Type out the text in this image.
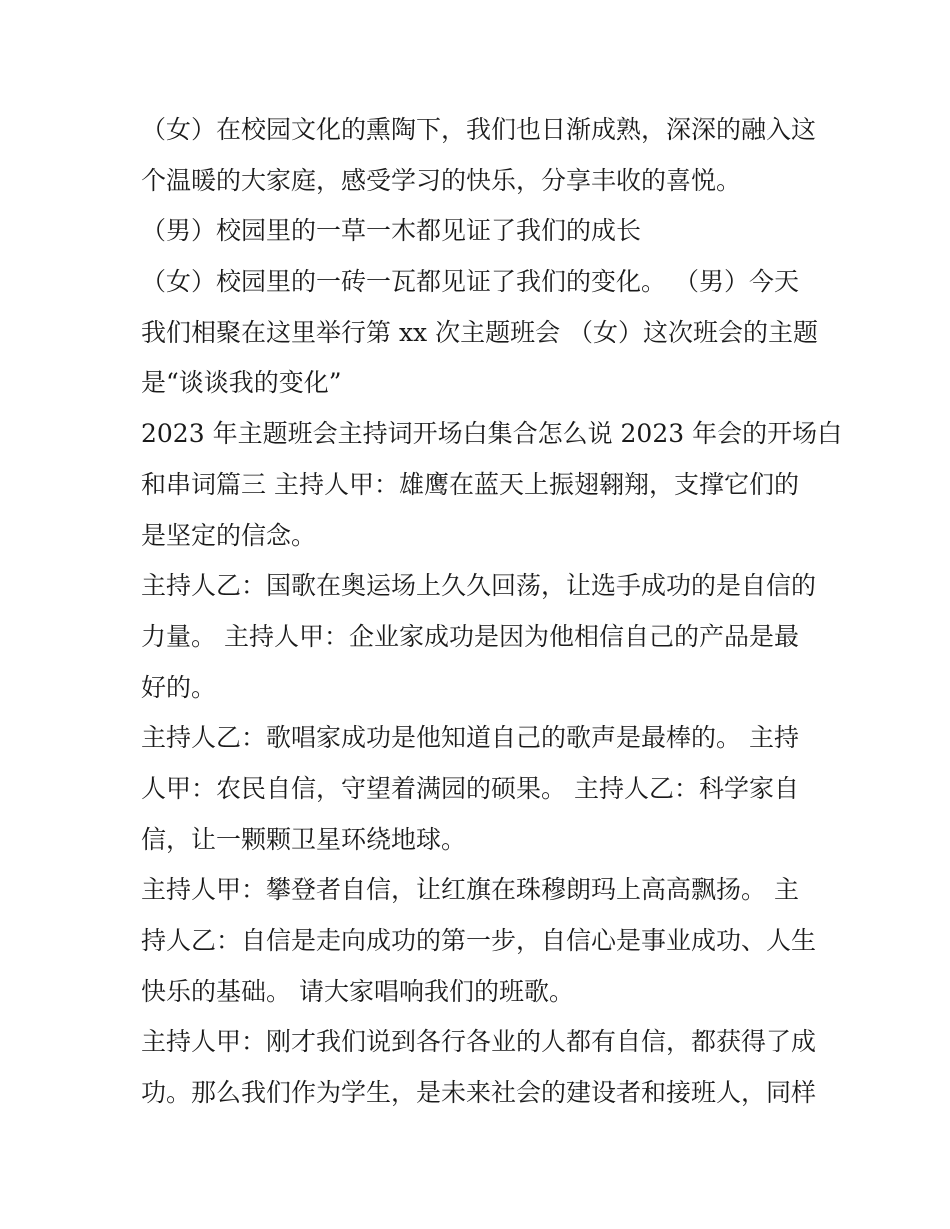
（女）在校园文化的熏陶下，我们也日渐成熟，深深的融入这
个温暖的大家庭，感受学习的快乐，分享丰收的喜悦。

（男）校园里的一草一木都见证了我们的成长

（女）校园里的一砖一瓦都见证了我们的变化。 （男）今天
我们相聚在这里举行第 xx 次主题班会 （女）这次班会的主题
是“谈谈我的变化”

2023 年主题班会主持词开场白集合怎么说 2023 年会的开场白
和串词篇三 主持人甲：雄鹰在蓝天上振翅翱翔，支撑它们的
是坚定的信念。

主持人乙：国歌在奥运场上久久回荡，让选手成功的是自信的
力量。 主持人甲：企业家成功是因为他相信自己的产品是最
好的。

主持人乙：歌唱家成功是他知道自己的歌声是最棒的。 主持
人甲：农民自信，守望着满园的硕果。 主持人乙：科学家自
信，让一颗颗卫星环绕地球。

主持人甲：攀登者自信，让红旗在珠穆朗玛上高高飘扬。 主
持人乙：自信是走向成功的第一步，自信心是事业成功、人生
快乐的基础。 请大家唱响我们的班歌。

主持人甲：刚才我们说到各行各业的人都有自信，都获得了成
功。那么我们作为学生，是未来社会的建设者和接班人，同样
